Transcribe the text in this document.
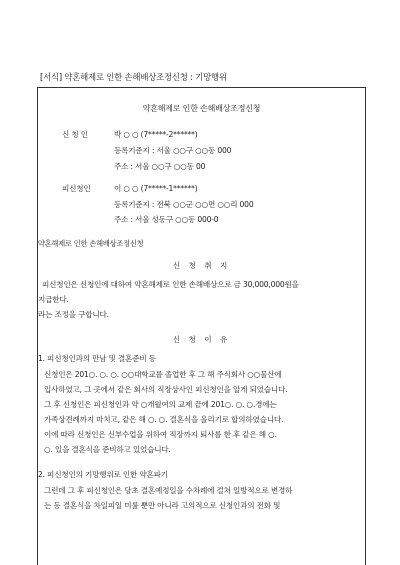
[서식] 약혼해제로 인한 손해배상조정신청 : 기망행위
약혼해제로 인한 손해배상조정신청
신 청 인	박 ○ ○ (7*****-2******)
등록기준지 : 서울 ○○구 ○○동 000
주소 : 서울 ○○구 ○○동 00
피신청인	이 ○ ○ (7*****-1******)
등록기준지 : 전북 ○○군 ○○면 ○○리 000
주소 : 서울 성동구 ○○동 000-0
약혼해제로 인한 손해배상조정신청
신 청 취 지
피신청인은 신청인에 대하여 약혼해제로 인한 손해배상으로 금 30,000,000원을
지급한다.
라는 조정을 구합니다.
신 청 이 유
1. 피신청인과의 만남 및 결혼준비 등
신청인은 201○. ○. ○. ○○대학교를 졸업한 후 그 해 주식회사 ○○물산에
입사하였고, 그 곳에서 같은 회사의 직장상사인 피신청인을 알게 되었습니다.
그 후 신청인은 피신청인과 약 ○개월여의 교제 끝에 201○. ○. ○.경에는
가족상견례까지 마치고, 같은 해 ○. ○. 결혼식을 올리기로 합의하였습니다.
이에 따라 신청인은 신부수업을 위하여 직장까지 퇴사를 한 후 같은 해 ○.
○. 있을 결혼식을 준비하고 있었습니다.
2. 피신청인의 기망행위로 인한 약혼파기
그런데 그 후 피신청인은 당초 결혼예정일을 수차례에 걸쳐 일방적으로 변경하
는 등 결혼식을 차일피일 미룰 뿐만 아니라 고의적으로 신청인과의 전화 및
